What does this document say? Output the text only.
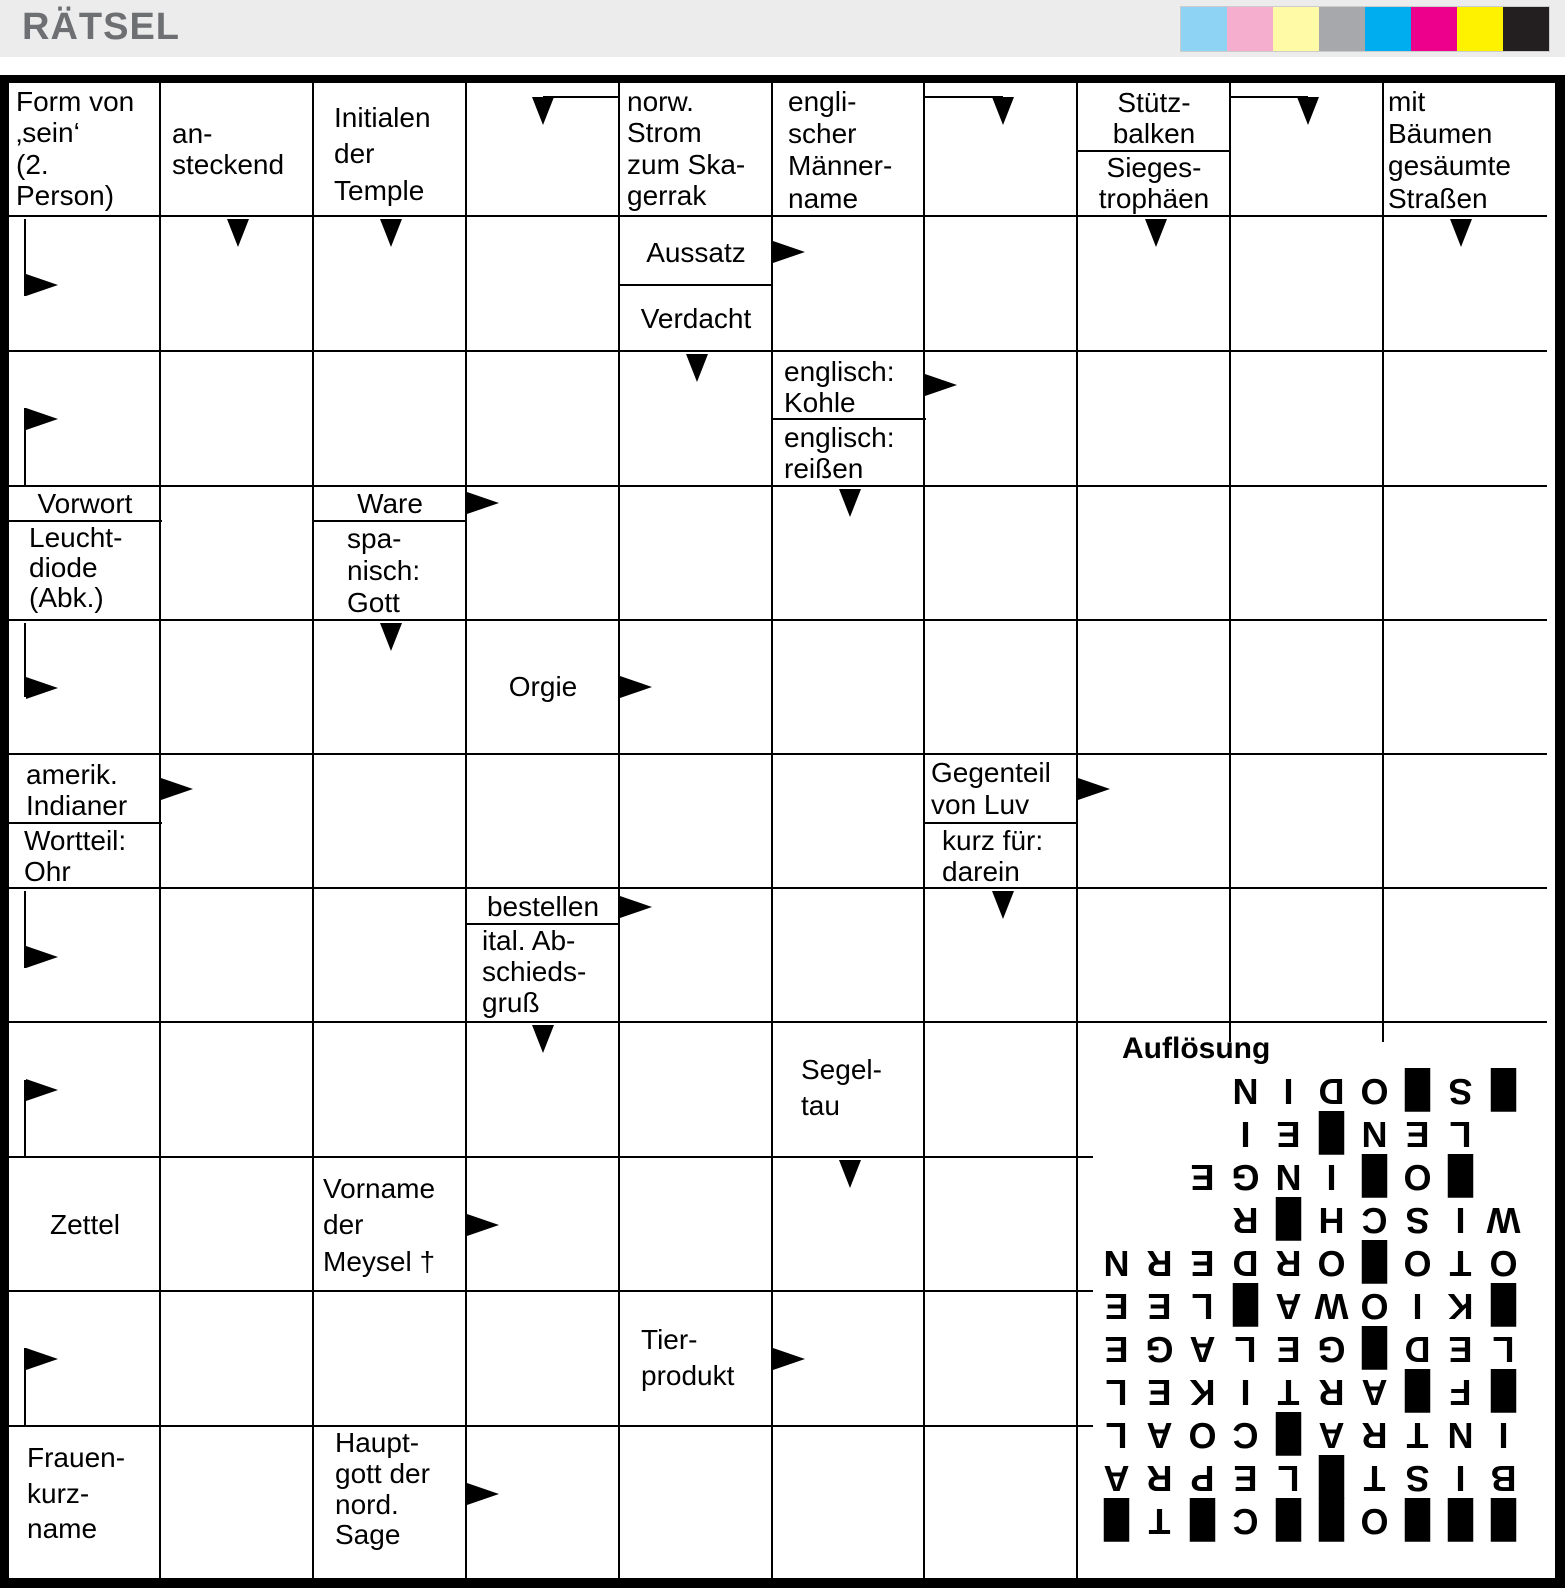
RÄTSEL
Form von
‚sein‘
(2.
Person)
an-
steckend
Initialen
der
Temple
norw.
Strom
zum Ska-
gerrak
engli-
scher
Männer-
name
Stütz-
balken
Sieges-
trophäen
mit
Bäumen
gesäumte
Straßen
Aussatz
Verdacht
englisch:
Kohle
englisch:
reißen
Vorwort
Leucht-
diode
(Abk.)
Ware
spa-
nisch:
Gott
Orgie
amerik.
Indianer
Wortteil:
Ohr
Gegenteil
von Luv
kurz für:
darein
bestellen
ital. Ab-
schieds-
gruß
Segel-
tau
Zettel
Vorname
der
Meysel †
Tier-
produkt
Frauen-
kurz-
name
Haupt-
gott der
nord.
Sage
Auflösung
█
S
█
O
D
I
N
L
E
N
█
E
I
█
O
█
I
N
G
E
W
I
S
C
H
█
R
O
T
O
█
O
R
D
E
R
N
█
K
I
O
W
A
█
L
E
E
L
E
D
█
G
E
L
A
G
E
█
F
█
A
R
T
I
K
E
L
I
N
T
R
A
█
C
O
A
L
B
I
S
T
█
L
E
P
R
A
█
█
█
O
█
█
C
█
T
█
